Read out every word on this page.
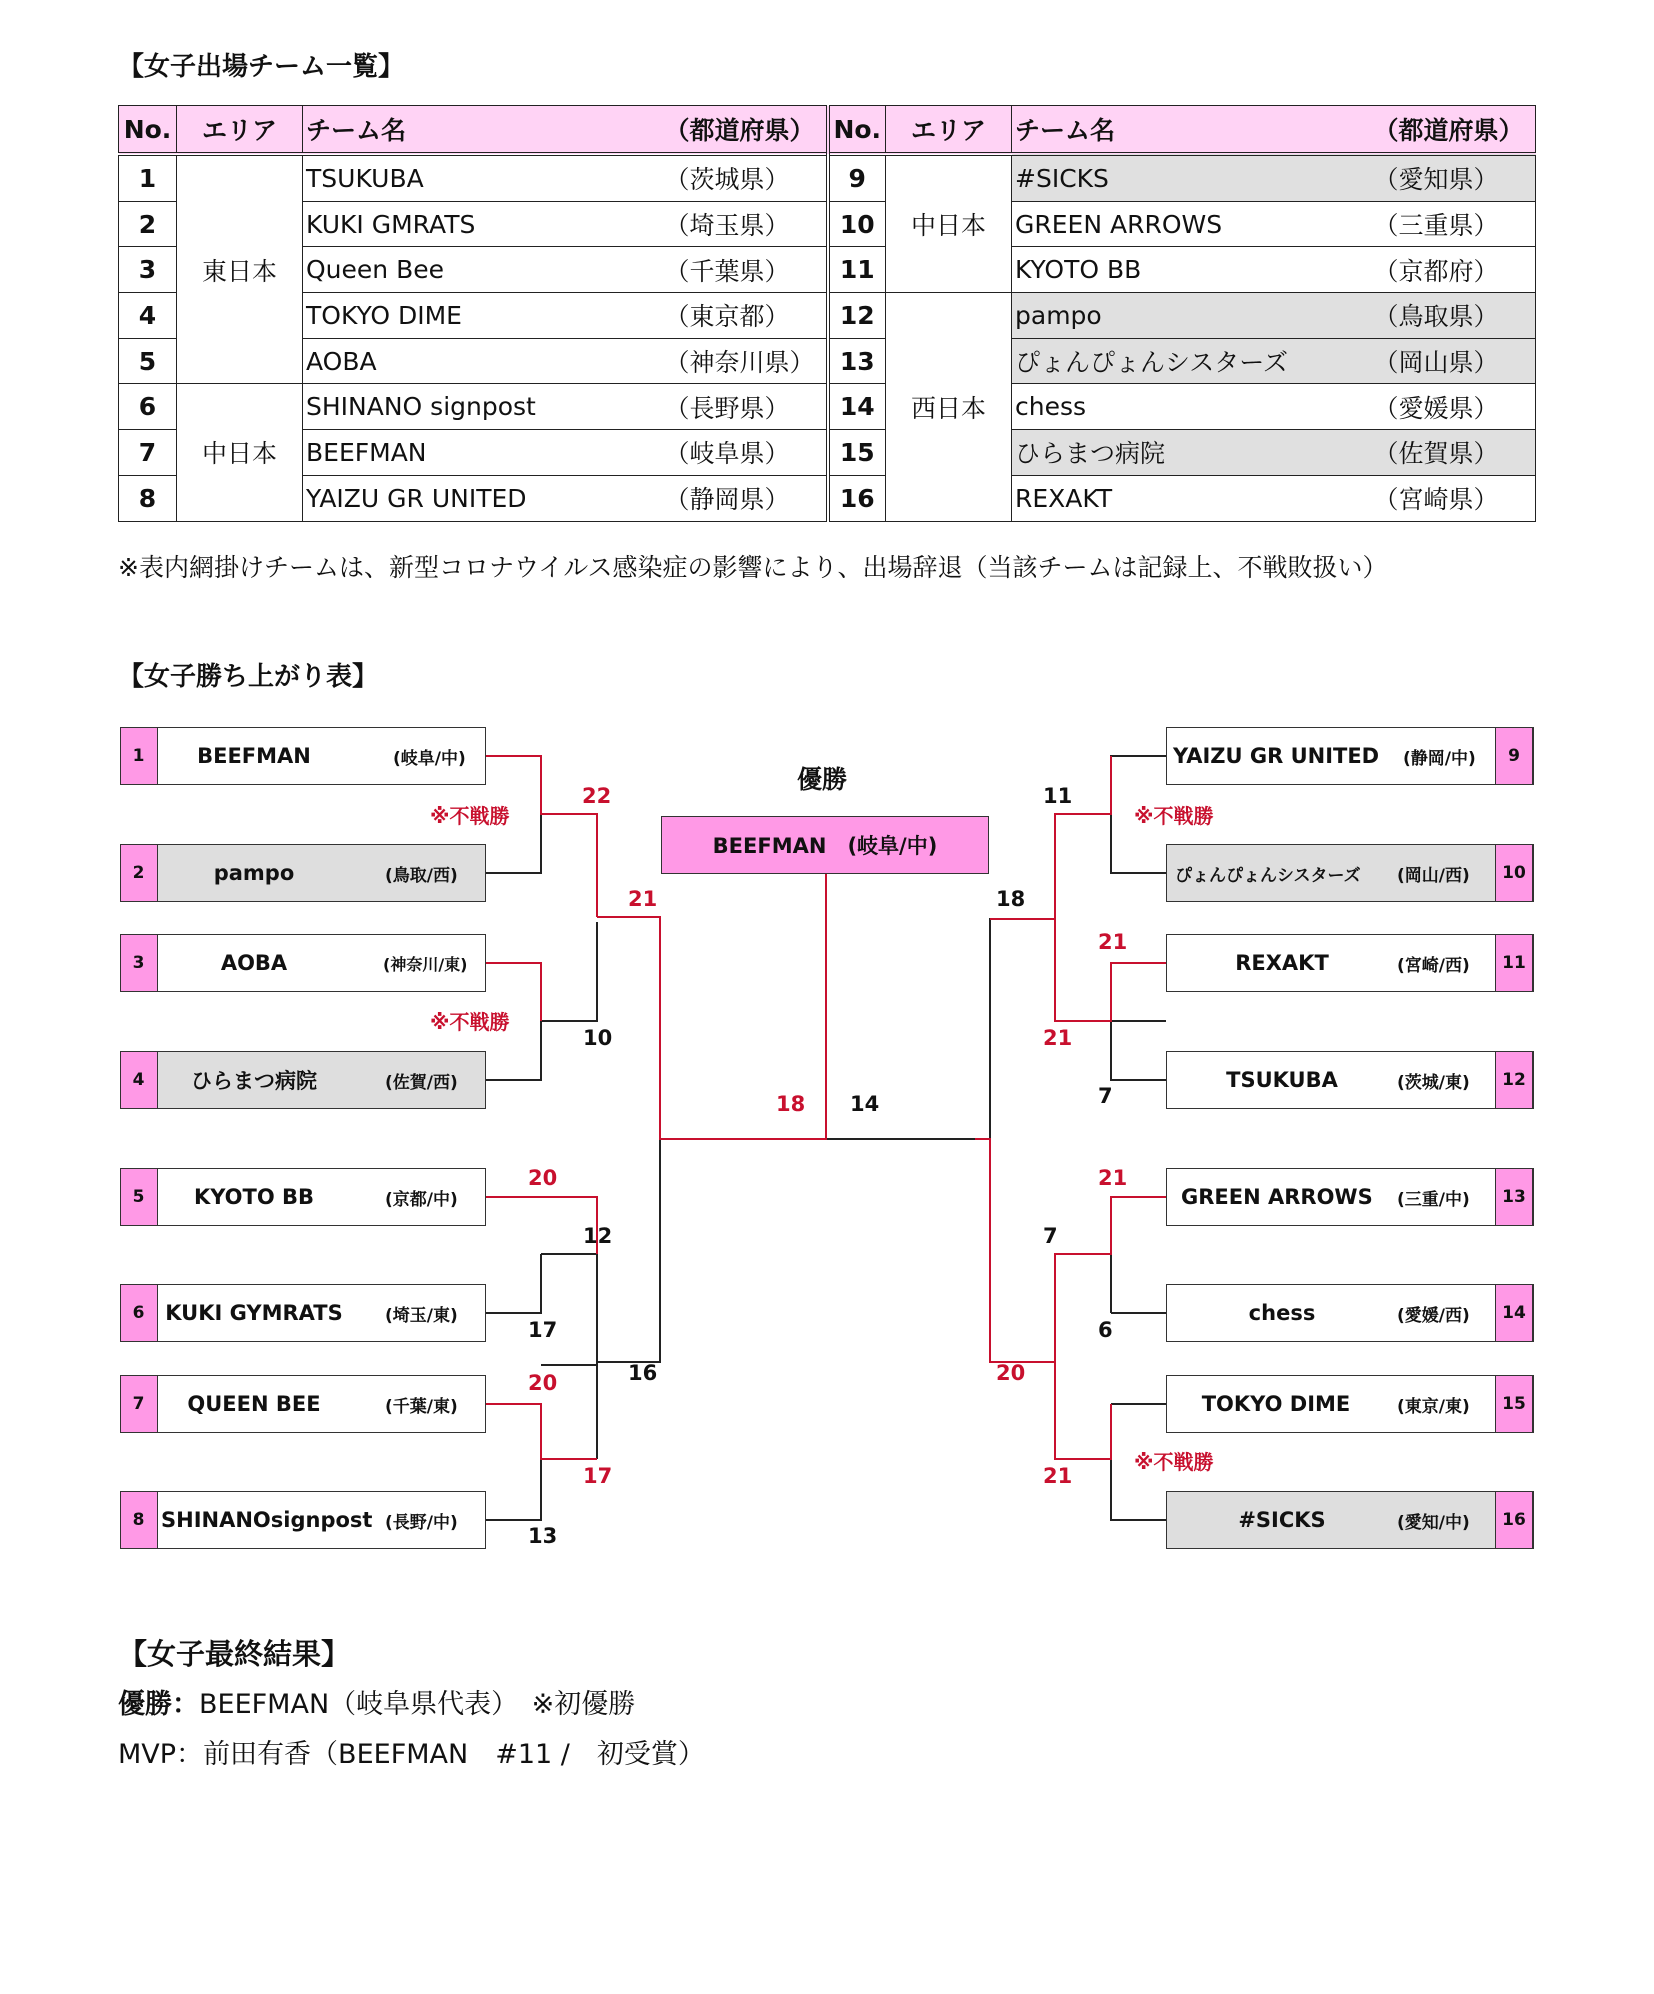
【女子出場チーム一覧】
No.	エリア	チーム名	（都道府県）	No.	エリア	チーム名	（都道府県）
1	東日本	TSUKUBA	（茨城県）	9	中日本	#SICKS	（愛知県）
2		KUKI GMRATS	（埼玉県）	10		GREEN ARROWS	（三重県）
3		Queen Bee	（千葉県）	11		KYOTO BB	（京都府）
4		TOKYO DIME	（東京都）	12	西日本	pampo	（鳥取県）
5		AOBA	（神奈川県）	13		ぴょんぴょんシスターズ	（岡山県）
6	中日本	SHINANO signpost	（長野県）	14		chess	（愛媛県）
7		BEEFMAN	（岐阜県）	15		ひらまつ病院	（佐賀県）
8		YAIZU GR UNITED	（静岡県）	16		REXAKT	（宮崎県）
※表内網掛けチームは、新型コロナウイルス感染症の影響により、出場辞退（当該チームは記録上、不戦敗扱い）
【女子勝ち上がり表】
1	BEEFMAN	(岐阜/中)
2	pampo	(鳥取/西)
3	AOBA	(神奈川/東)
4	ひらまつ病院	(佐賀/西)
5	KYOTO BB	(京都/中)
6 KUKI GYMRATS (埼玉/東)
7	QUEEN BEE	(千葉/東)
8 SHINANOsignpost (長野/中)
YAIZU GR UNITED (静岡/中)	9
ぴょんぴょんシスターズ (岡山/西)	10
REXAKT	(宮崎/西)	11
TSUKUBA	(茨城/東)	12
GREEN ARROWS (三重/中)	13
chess	(愛媛/西)	14
TOKYO DIME	(東京/東)	15
#SICKS	(愛知/中)	16
優勝
BEEFMAN　(岐阜/中)
※不戦勝
※不戦勝
※不戦勝
※不戦勝
22
21
10
20
12
17
20
17
13
16
18 14
11
18
21
21
7
21
7
6
20
21
【女子最終結果】
優勝：BEEFMAN（岐阜県代表）　※初優勝
MVP：前田有香（BEEFMAN　#11 /　初受賞）
